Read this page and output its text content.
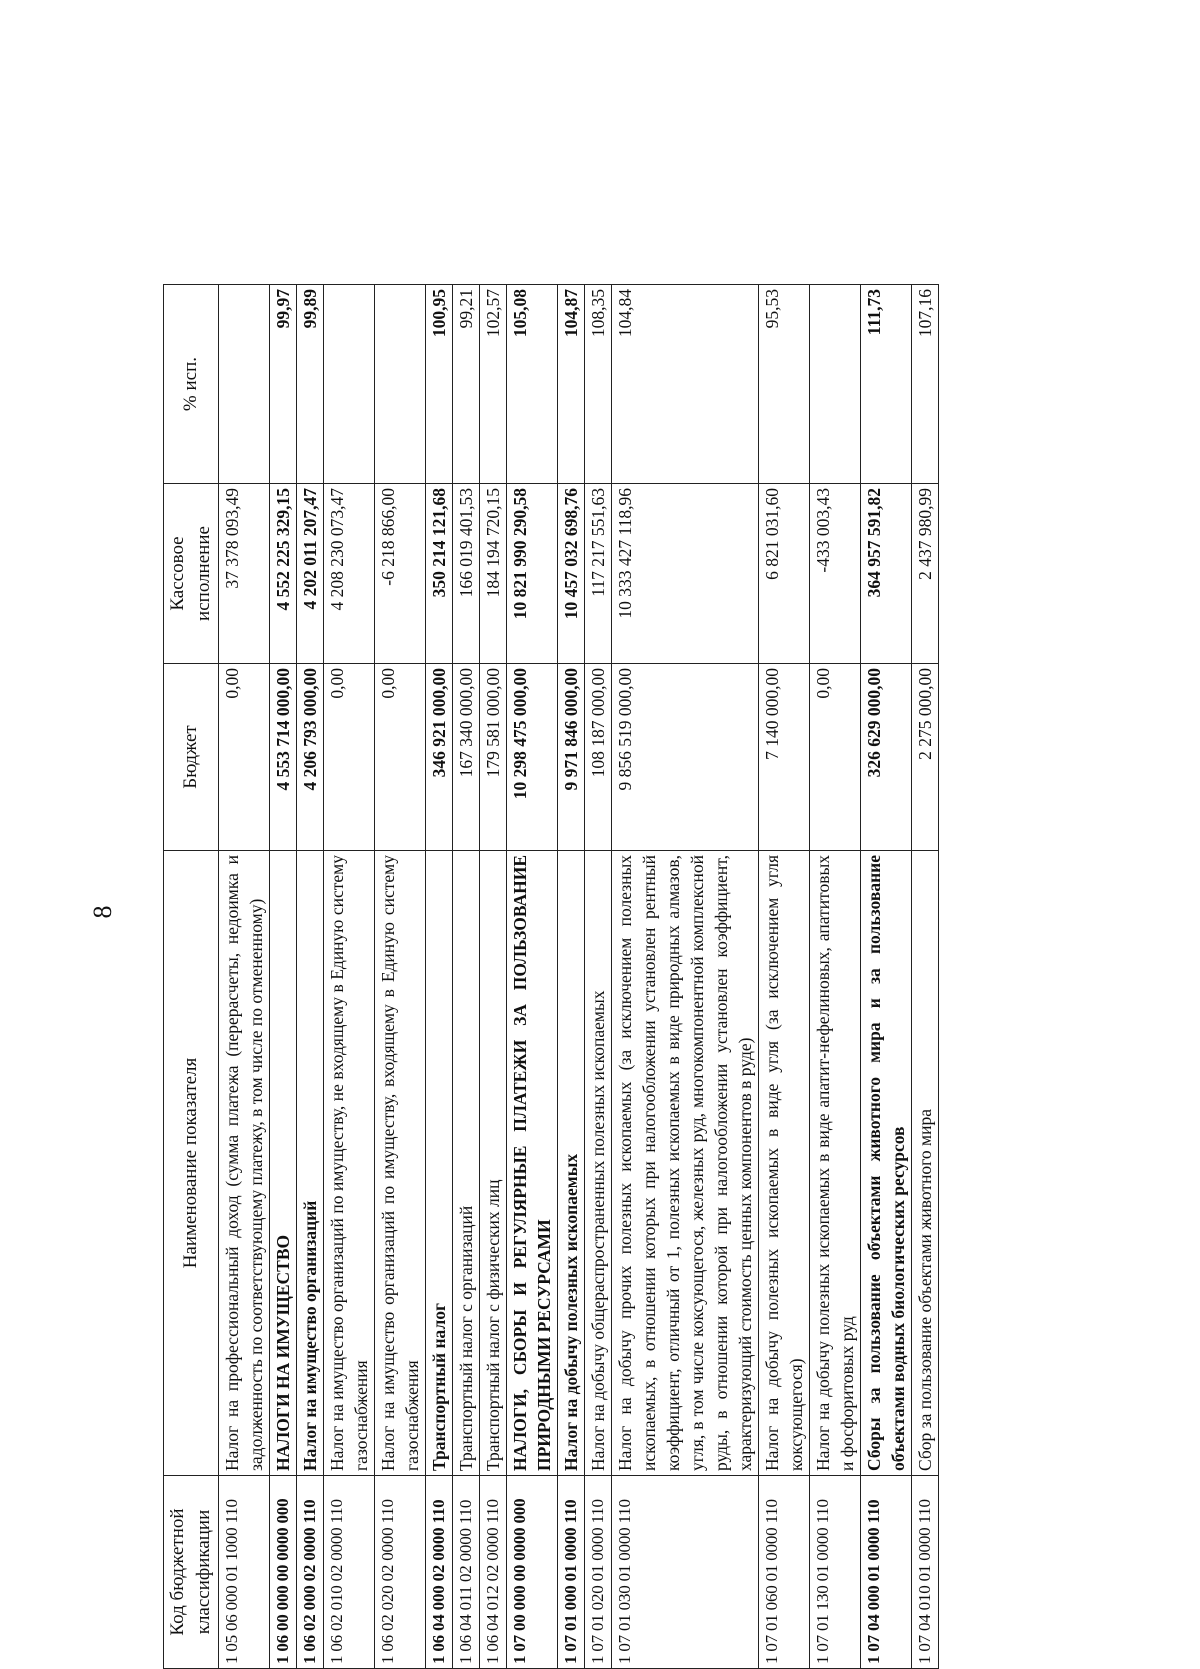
8
Код бюджетной классификации	Наименование показателя	Бюджет	Кассовое исполнение	% исп.
1 05 06 000 01 1000 110	Налог на профессиональный доход (сумма платежа (перерасчеты, недоимка и задолженность по соответствующему платежу, в том числе по отмененному)	0,00	37 378 093,49	
1 06 00 000 00 0000 000	НАЛОГИ НА ИМУЩЕСТВО	4 553 714 000,00	4 552 225 329,15	99,97
1 06 02 000 02 0000 110	Налог на имущество организаций	4 206 793 000,00	4 202 011 207,47	99,89
1 06 02 010 02 0000 110	Налог на имущество организаций по имуществу, не входящему в Единую систему газоснабжения	0,00	4 208 230 073,47	
1 06 02 020 02 0000 110	Налог на имущество организаций по имуществу, входящему в Единую систему газоснабжения	0,00	-6 218 866,00	
1 06 04 000 02 0000 110	Транспортный налог	346 921 000,00	350 214 121,68	100,95
1 06 04 011 02 0000 110	Транспортный налог с организаций	167 340 000,00	166 019 401,53	99,21
1 06 04 012 02 0000 110	Транспортный налог с физических лиц	179 581 000,00	184 194 720,15	102,57
1 07 00 000 00 0000 000	НАЛОГИ, СБОРЫ И РЕГУЛЯРНЫЕ ПЛАТЕЖИ ЗА ПОЛЬЗОВАНИЕ ПРИРОДНЫМИ РЕСУРСАМИ	10 298 475 000,00	10 821 990 290,58	105,08
1 07 01 000 01 0000 110	Налог на добычу полезных ископаемых	9 971 846 000,00	10 457 032 698,76	104,87
1 07 01 020 01 0000 110	Налог на добычу общераспространенных полезных ископаемых	108 187 000,00	117 217 551,63	108,35
1 07 01 030 01 0000 110	Налог на добычу прочих полезных ископаемых (за исключением полезных ископаемых, в отношении которых при налогообложении установлен рентный коэффициент, отличный от 1, полезных ископаемых в виде природных алмазов, угля, в том числе коксующегося, железных руд, многокомпонентной комплексной руды, в отношении которой при налогообложении установлен коэффициент, характеризующий стоимость ценных компонентов в руде)	9 856 519 000,00	10 333 427 118,96	104,84
1 07 01 060 01 0000 110	Налог на добычу полезных ископаемых в виде угля (за исключением угля коксующегося)	7 140 000,00	6 821 031,60	95,53
1 07 01 130 01 0000 110	Налог на добычу полезных ископаемых в виде апатит-нефелиновых, апатитовых и фосфоритовых руд	0,00	-433 003,43	
1 07 04 000 01 0000 110	Сборы за пользование объектами животного мира и за пользование объектами водных биологических ресурсов	326 629 000,00	364 957 591,82	111,73
1 07 04 010 01 0000 110	Сбор за пользование объектами животного мира	2 275 000,00	2 437 980,99	107,16
